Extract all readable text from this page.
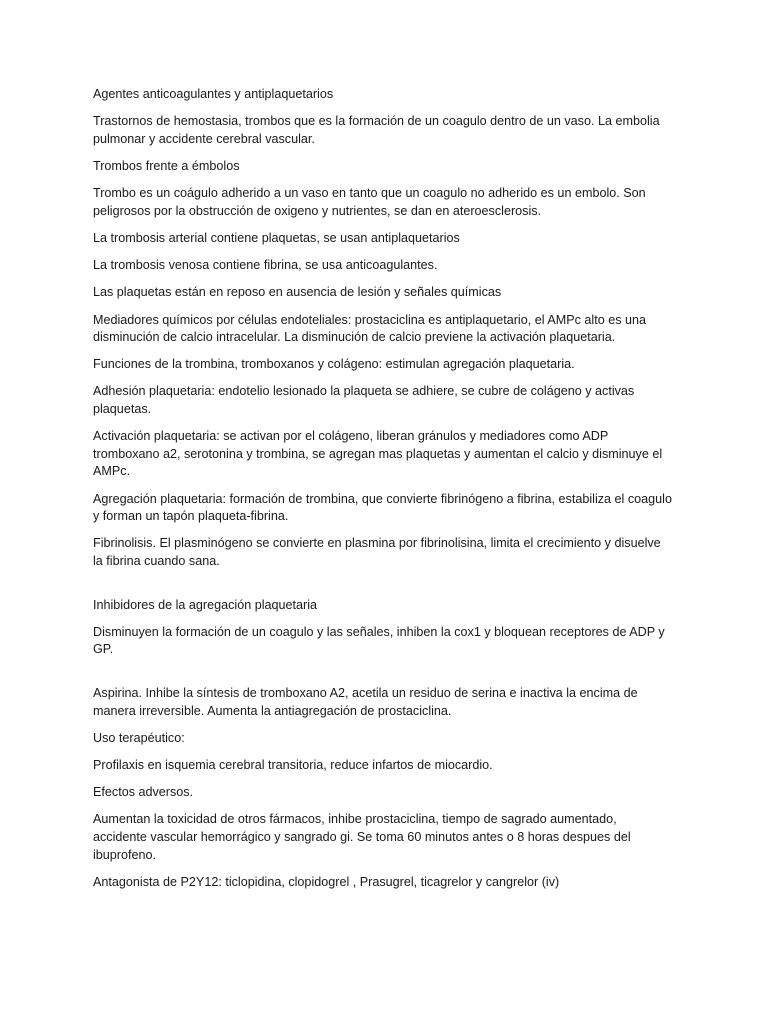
Agentes anticoagulantes y antiplaquetarios

Trastornos de hemostasia, trombos que es la formación de un coagulo dentro de un vaso. La embolia pulmonar y accidente cerebral vascular.

Trombos frente a émbolos

Trombo es un coágulo adherido a un vaso en tanto que un coagulo no adherido es un embolo. Son peligrosos por la obstrucción de oxigeno y nutrientes, se dan en ateroesclerosis.

La trombosis arterial contiene plaquetas, se usan antiplaquetarios

La trombosis venosa contiene fibrina, se usa anticoagulantes.

Las plaquetas están en reposo en ausencia de lesión y señales químicas

Mediadores químicos por células endoteliales: prostaciclina es antiplaquetario, el AMPc alto es una disminución de calcio intracelular. La disminución de calcio previene la activación plaquetaria.

Funciones de la trombina, tromboxanos y colágeno: estimulan agregación plaquetaria.

Adhesión plaquetaria: endotelio lesionado la plaqueta se adhiere, se cubre de colágeno y activas plaquetas.

Activación plaquetaria: se activan por el colágeno, liberan gránulos y mediadores como ADP tromboxano a2, serotonina y trombina, se agregan mas plaquetas y aumentan el calcio y disminuye el AMPc.

Agregación plaquetaria: formación de trombina, que convierte fibrinógeno a fibrina, estabiliza el coagulo y forman un tapón plaqueta-fibrina.

Fibrinolisis. El plasminógeno se convierte en plasmina por fibrinolisina, limita el crecimiento y disuelve la fibrina cuando sana.

Inhibidores de la agregación plaquetaria

Disminuyen la formación de un coagulo y las señales, inhiben la cox1 y bloquean receptores de ADP y GP.

Aspirina. Inhibe la síntesis de tromboxano A2, acetila un residuo de serina e inactiva la encima de manera irreversible. Aumenta la antiagregación de prostaciclina.

Uso terapéutico:

Profilaxis en isquemia cerebral transitoria, reduce infartos de miocardio.

Efectos adversos.

Aumentan la toxicidad de otros fármacos, inhibe prostaciclina, tiempo de sagrado aumentado, accidente vascular hemorrágico y sangrado gi. Se toma 60 minutos antes o 8 horas despues del ibuprofeno.

Antagonista de P2Y12: ticlopidina, clopidogrel , Prasugrel, ticagrelor y cangrelor (iv)
